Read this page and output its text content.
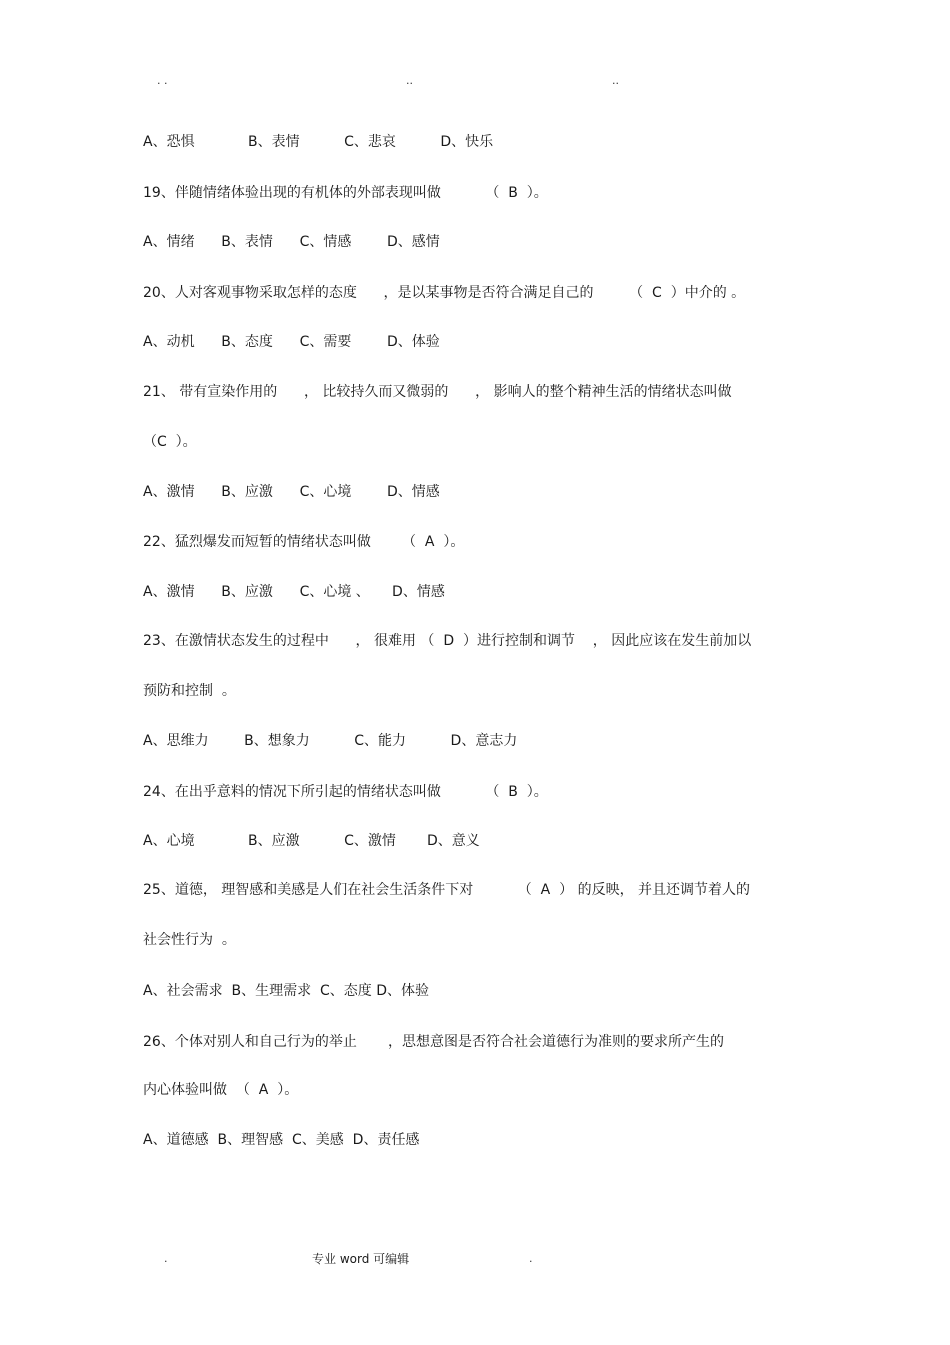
. .	..	..
A、恐惧            B、表情          C、悲哀          D、快乐
19、伴随情绪体验出现的有机体的外部表现叫做          （  B  ）。
A、情绪      B、表情      C、情感        D、感情
20、人对客观事物采取怎样的态度      ，是以某事物是否符合满足自己的        （  C  ）中介的 。
A、动机      B、态度      C、需要        D、体验
21、 带有宣染作用的      ， 比较持久而又微弱的      ， 影响人的整个精神生活的情绪状态叫做
（C  ）。
A、激情      B、应激      C、心境        D、情感
22、猛烈爆发而短暂的情绪状态叫做       （  A  ）。
A、激情      B、应激      C、心境 、     D、情感
23、在激情状态发生的过程中      ， 很难用 （  D  ）进行控制和调节    ， 因此应该在发生前加以
预防和控制  。
A、思维力        B、想象力          C、能力          D、意志力
24、在出乎意料的情况下所引起的情绪状态叫做          （  B  ）。
A、心境            B、应激          C、激情       D、意义
25、道德， 理智感和美感是人们在社会生活条件下对          （  A  ） 的反映， 并且还调节着人的
社会性行为  。
A、社会需求  B、生理需求  C、态度 D、体验
26、个体对别人和自己行为的举止       ，思想意图是否符合社会道德行为准则的要求所产生的
内心体验叫做  （  A  ）。
A、道德感  B、理智感  C、美感  D、责任感
.	专业 word 可编辑	.
